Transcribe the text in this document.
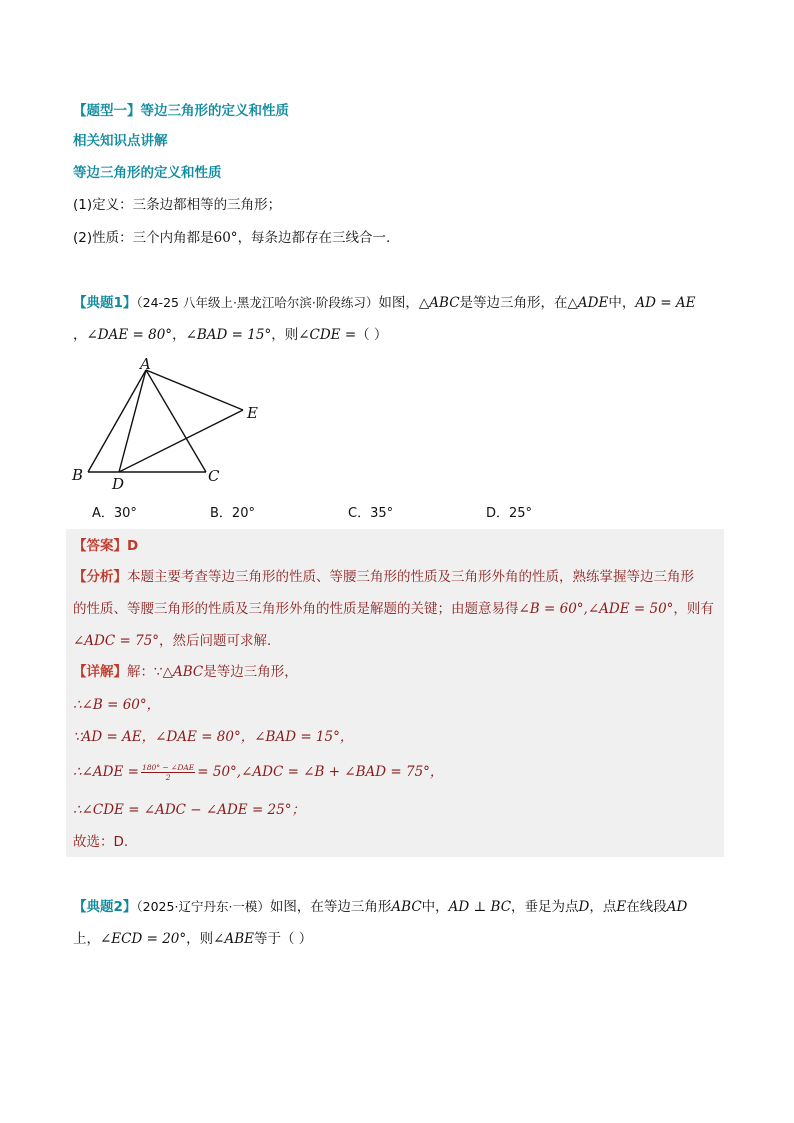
【题型一】等边三角形的定义和性质
相关知识点讲解
等边三角形的定义和性质
(1)定义：三条边都相等的三角形；
(2)性质：三个内角都是60°，每条边都存在三线合一.
【典题1】（24-25 八年级上·黑龙江哈尔滨·阶段练习）如图，△ABC是等边三角形，在△ADE中，AD = AE
，∠DAE = 80°，∠BAD = 15°，则∠CDE =（ ）
A
B	C
D
E
A．30°	B．20°	C．35°	D．25°
【答案】D
【分析】本题主要考查等边三角形的性质、等腰三角形的性质及三角形外角的性质，熟练掌握等边三角形
的性质、等腰三角形的性质及三角形外角的性质是解题的关键；由题意易得∠B = 60°,∠ADE = 50°，则有
∠ADC = 75°，然后问题可求解．
【详解】解：∵△ABC是等边三角形，
∴∠B = 60°，
∵AD = AE，∠DAE = 80°，∠BAD = 15°，
∴∠ADE = $\frac{\text{180° − ∠DAE}}{2}$ = 50°,∠ADC = ∠B + ∠BAD = 75°，
∴∠CDE = ∠ADC − ∠ADE = 25°；
故选：D.
【典题2】（2025·辽宁丹东·一模）如图，在等边三角形ABC中，AD ⊥ BC，垂足为点D，点E在线段AD
上，∠ECD = 20°，则∠ABE等于（ ）
